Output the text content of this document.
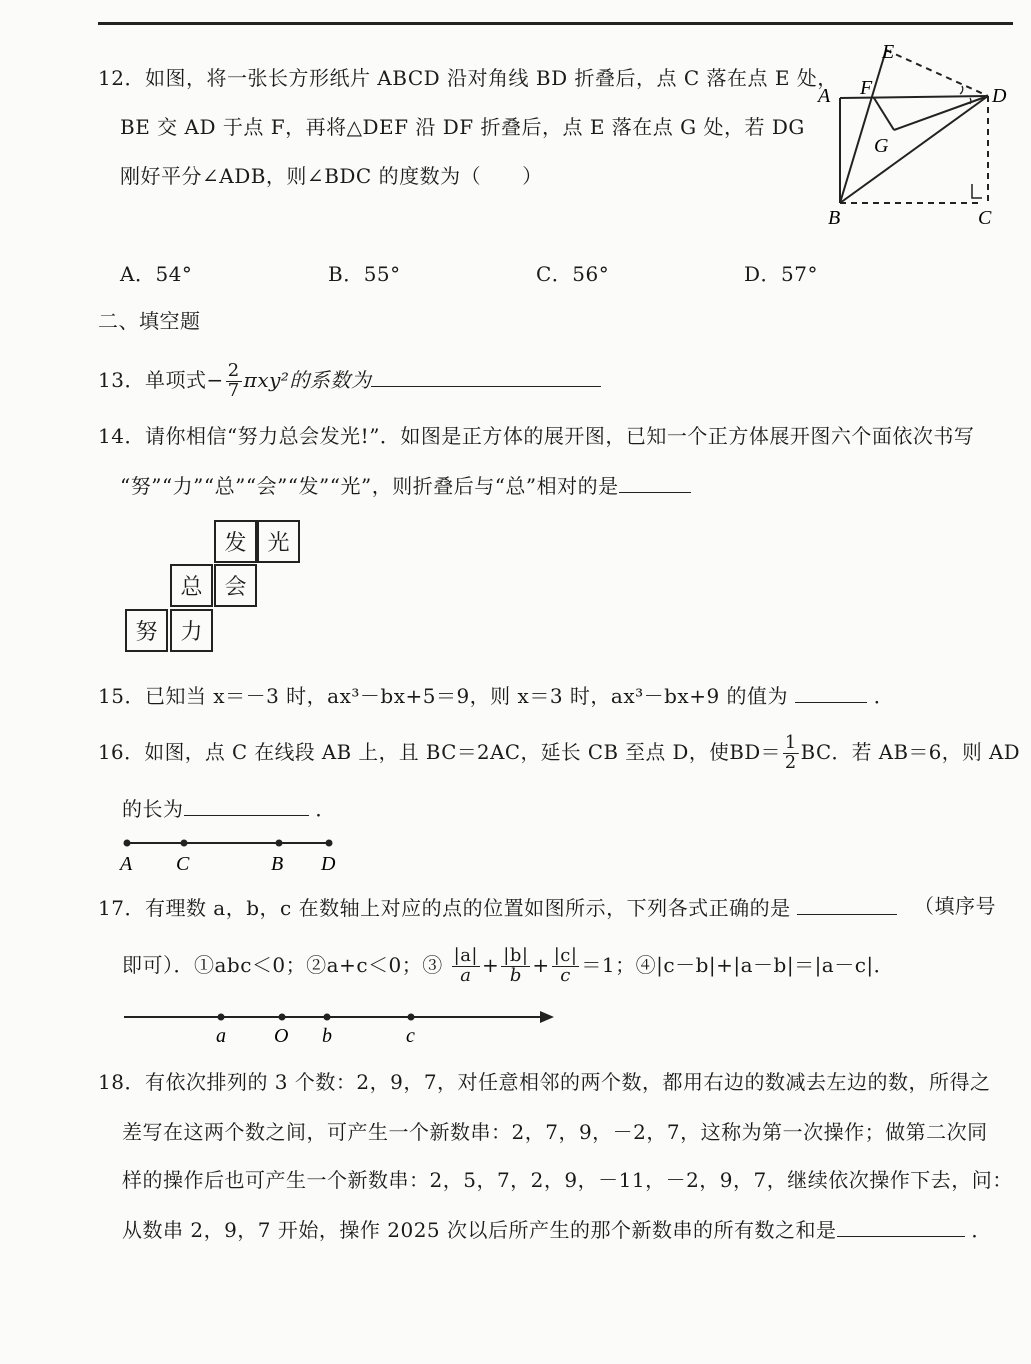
12．如图，将一张长方形纸片 ABCD 沿对角线 BD 折叠后，点 C 落在点 E 处，
BE 交 AD 于点 F，再将△DEF 沿 DF 折叠后，点 E 落在点 G 处，若 DG
刚好平分∠ADB，则∠BDC 的度数为（　　）
A
B	C
D
E
F
G
A．54°	B．55°	C．56°	D．57°
二、填空题
13．单项式− $\frac{2}{7} \pi xy^2$的系数为
14．请你相信“努力总会发光!”．如图是正方体的展开图，已知一个正方体展开图六个面依次书写
“努”“力”“总”“会”“发”“光”，则折叠后与“总”相对的是
发 光
总 会
努	力
15．已知当 x＝－3 时，ax³－bx+5＝9，则 x＝3 时，ax³－bx+9 的值为	．
16．如图，点 C 在线段 AB 上，且 BC＝2AC，延长 CB 至点 D，使$BD= \frac{1}{2}$ BC．若 AB＝6，则 AD
的长为	．
A C	B D
17．有理数 a，b，c 在数轴上对应的点的位置如图所示，下列各式正确的是	（填序号
即可）．①abc＜0；②a+c＜0；③ $\frac{|a|}{a} + \frac{|b|}{b} + \frac{|c|}{c} =1$；④|c－b|+|a－b|＝|a－c|．
a O b	c
18．有依次排列的 3 个数：2，9，7，对任意相邻的两个数，都用右边的数减去左边的数，所得之
差写在这两个数之间，可产生一个新数串：2，7，9，－2，7，这称为第一次操作；做第二次同
样的操作后也可产生一个新数串：2，5，7，2，9，－11，－2，9，7，继续依次操作下去，问：
从数串 2，9，7 开始，操作 2025 次以后所产生的那个新数串的所有数之和是	．
